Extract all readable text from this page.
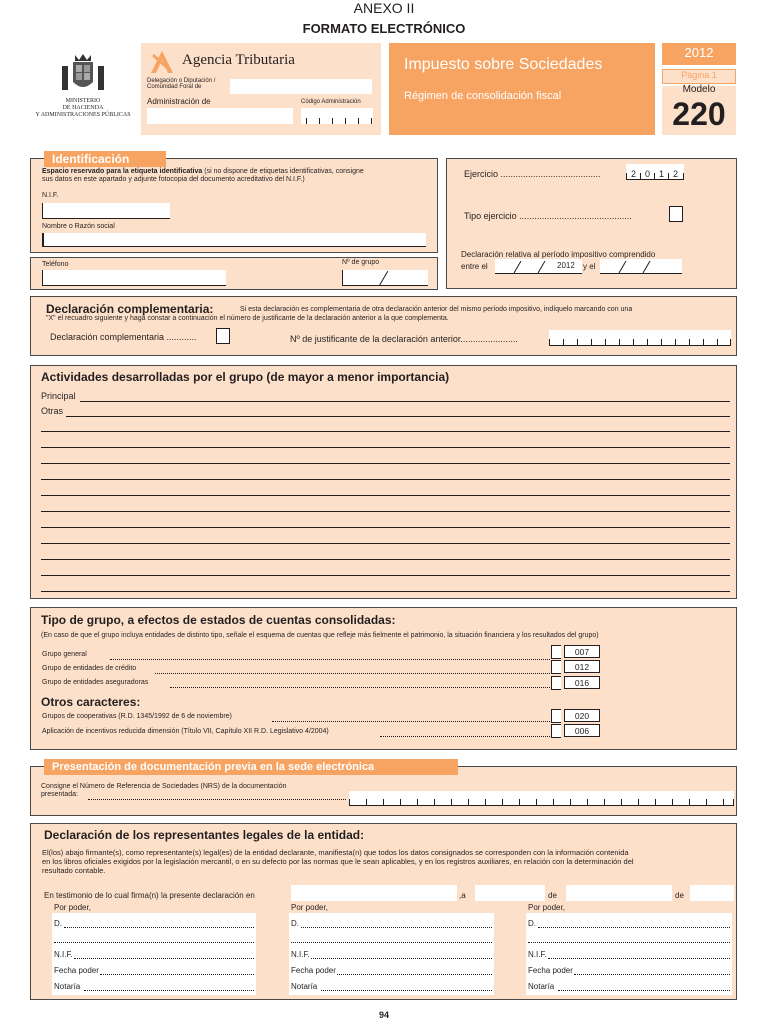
ANEXO II
FORMATO ELECTRÓNICO
MINISTERIO
DE HACIENDA
Y ADMINISTRACIONES PÚBLICAS
Agencia Tributaria
Delegación o Diputación /
Comunidad Foral de
Administración de	Código Administración
Impuesto sobre Sociedades
Régimen de consolidación fiscal
2012
Página 1
Modelo
220
Identificación
Espacio reservado para la etiqueta identificativa (si no dispone de etiquetas identificativas, consigne
sus datos en este apartado y adjunte fotocopia del documento acreditativo del N.I.F.)
N.I.F.
Nombre o Razón social
Teléfono	Nº de grupo
Ejercicio ........................................	2 0 1 2
Tipo ejercicio .............................................
Declaración relativa al período impositivo comprendido
entre el	2012 y el
Declaración complementaria:	Si esta declaración es complementaria de otra declaración anterior del mismo período impositivo, indíquelo marcando con una
"X" el recuadro siguiente y haga constar a continuación el número de justificante de la declaración anterior a la que complementa.
Declaración complementaria ............	Nº de justificante de la declaración anterior.......................
Actividades desarrolladas por el grupo (de mayor a menor importancia)
Principal
Otras
Tipo de grupo, a efectos de estados de cuentas consolidadas:
(En caso de que el grupo incluya entidades de distinto tipo, señale el esquema de cuentas que refleje más fielmente el patrimonio, la situación financiera y los resultados del grupo)
Grupo general	007
Grupo de entidades de crédito	012
Grupo de entidades aseguradoras	016
Otros caracteres:
Grupos de cooperativas (R.D. 1345/1992 de 6 de noviembre)	020
Aplicación de incentivos reducida dimensión (Título VII, Capítulo XII R.D. Legislativo 4/2004)	006
Presentación de documentación previa en la sede electrónica
Consigne el Número de Referencia de Sociedades (NRS) de la documentación
presentada:
Declaración de los representantes legales de la entidad:
El(los) abajo firmante(s), como representante(s) legal(es) de la entidad declarante, manifiesta(n) que todos los datos consignados se corresponden con la información contenida
en los libros oficiales exigidos por la legislación mercantil, o en su defecto por las normas que le sean aplicables, y en los registros auxiliares, en relación con la determinación del
resultado contable.
En testimonio de lo cual firma(n) la presente declaración en	,a	de	de
Por poder,
D.
N.I.F.
Fecha poder
Notaría
Por poder,
D.
N.I.F.
Fecha poder
Notaría
Por poder,
D.
N.I.F.
Fecha poder
Notaría
94
